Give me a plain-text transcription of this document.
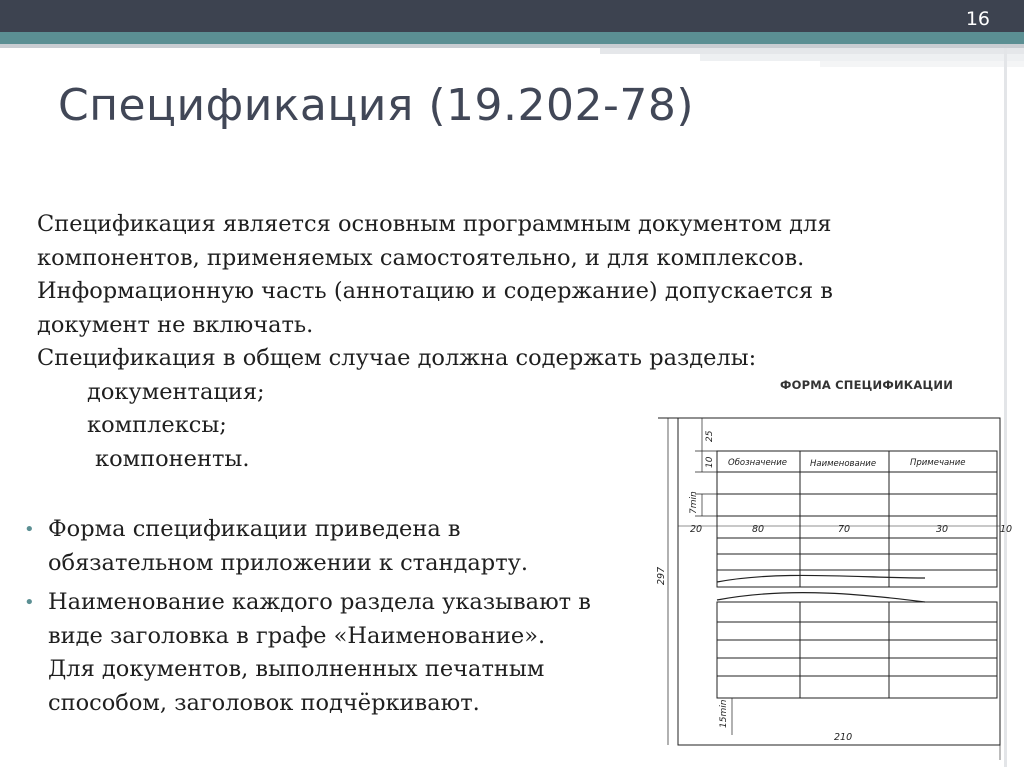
16
Спецификация (19.202-78)
Спецификация является основным программным документом для
компонентов, применяемых самостоятельно, и для комплексов.
Информационную часть (аннотацию и содержание) допускается в
документ не включать.
Спецификация в общем случае должна содержать разделы:
документация;
комплексы;
компоненты.
• Форма спецификации приведена в
обязательном приложении к стандарту.
• Наименование каждого раздела указывают в
виде заголовка в графе «Наименование».
Для документов, выполненных печатным
способом, заголовок подчёркивают.
ФОРМА СПЕЦИФИКАЦИИ
Обозначение	Наименование	Примечание
20	80	70	30	10
25
10
7min
297
15min
210
